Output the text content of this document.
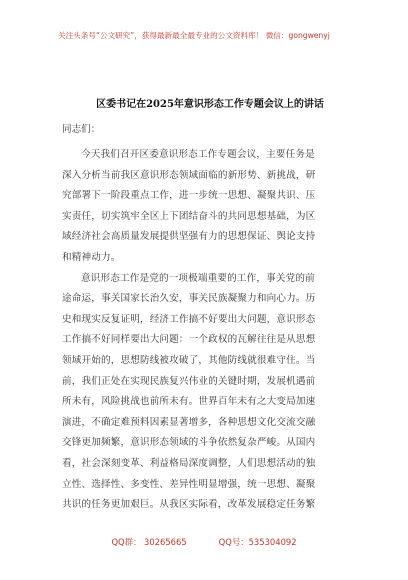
关注头条号“公文研究”，获得最新最全最专业的公文资料库！ 微信：gongwenyj
区委书记在2025年意识形态工作专题会议上的讲话
同志们：
今天我们召开区委意识形态工作专题会议，主要任务是
深入分析当前我区意识形态领域面临的新形势、新挑战，研
究部署下一阶段重点工作，进一步统一思想、凝聚共识、压
实责任，切实筑牢全区上下团结奋斗的共同思想基础，为区
域经济社会高质量发展提供坚强有力的思想保证、舆论支持
和精神动力。
意识形态工作是党的一项极端重要的工作，事关党的前
途命运，事关国家长治久安，事关民族凝聚力和向心力。历
史和现实反复证明，经济工作搞不好要出大问题，意识形态
工作搞不好同样要出大问题：一个政权的瓦解往往是从思想
领域开始的，思想防线被攻破了，其他防线就很难守住。当
前，我们正处在实现民族复兴伟业的关键时期，发展机遇前
所未有，风险挑战也前所未有。世界百年未有之大变局加速
演进，不确定难预料因素显著增多，各种思想文化交流交融
交锋更加频繁，意识形态领域的斗争依然复杂严峻。从国内
看，社会深刻变革、利益格局深度调整，人们思想活动的独
立性、选择性、多变性、差异性明显增强，统一思想、凝聚
共识的任务更加艰巨。从我区实际看，改革发展稳定任务繁
QQ群： 30265665	QQ号：535304092
